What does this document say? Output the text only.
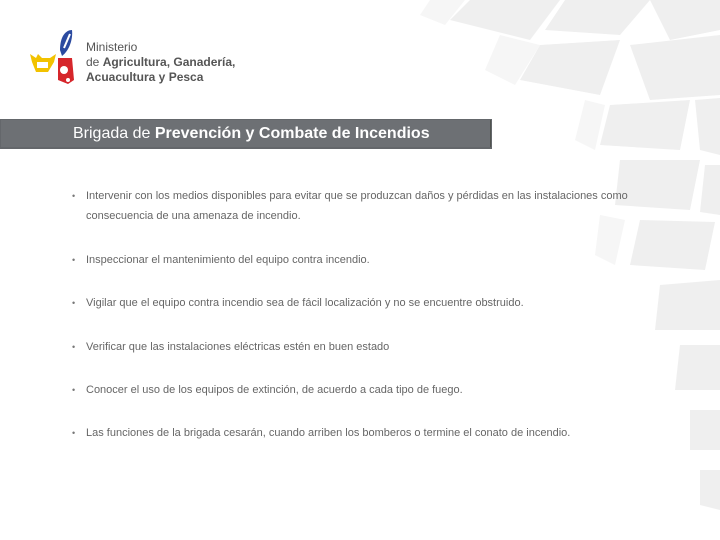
Ministerio
de Agricultura, Ganadería,
Acuacultura y Pesca
Brigada de Prevención y Combate de Incendios
• Intervenir con los medios disponibles para evitar que se produzcan daños y pérdidas en las instalaciones como consecuencia de una amenaza de incendio.
• Inspeccionar el mantenimiento del equipo contra incendio.
• Vigilar que el equipo contra incendio sea de fácil localización y no se encuentre obstruido.
• Verificar que las instalaciones eléctricas estén en buen estado
• Conocer el uso de los equipos de extinción, de acuerdo a cada tipo de fuego.
• Las funciones de la brigada cesarán, cuando arriben los bomberos o termine el conato de incendio.
